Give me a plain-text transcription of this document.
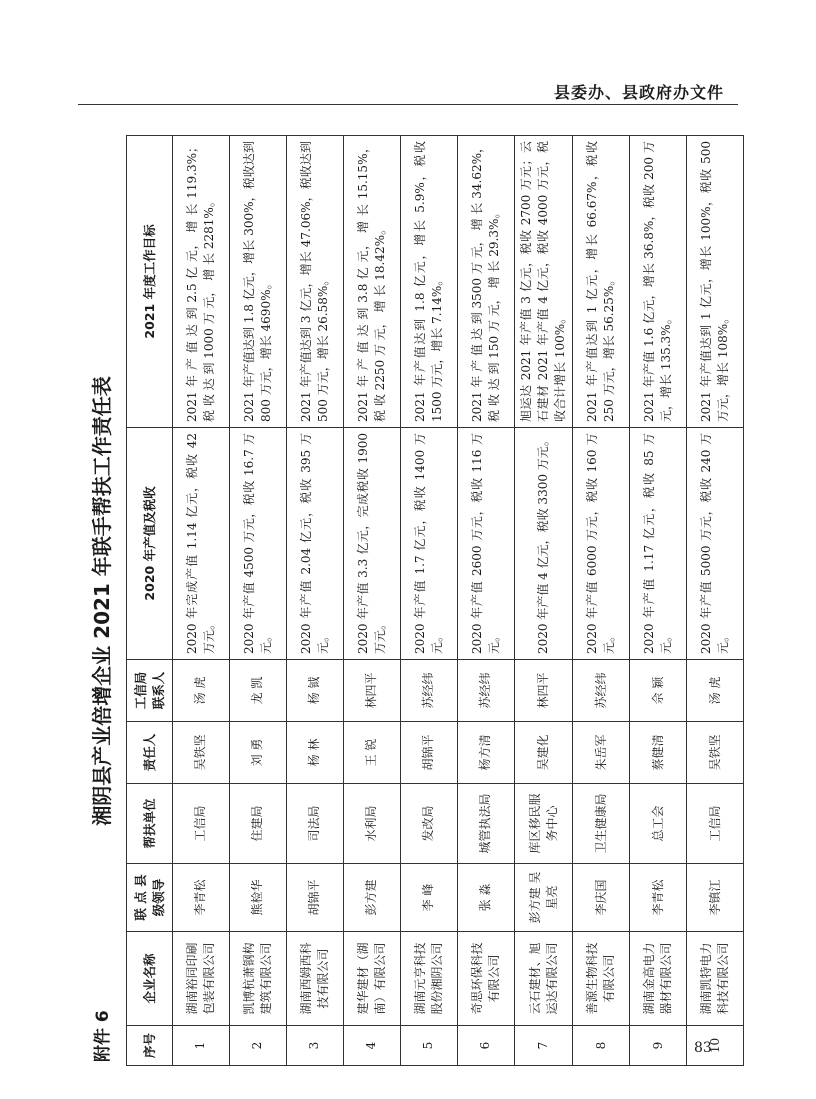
县委办、县政府办文件
附件 6
湘阴县产业倍增企业 2021 年联手帮扶工作责任表
序号	企业名称	联 点 县级领导	帮扶单位	责任人	工信局 联系人	2020 年产值及税收	2021 年度工作目标
1	湖南裕同印刷包装有限公司	李青松	工信局	吴铁坚	汤 虎	2020 年完成产值 1.14 亿元，税收 42 万元。	2021 年 产 值 达 到 2.5 亿 元， 增 长 119.3%； 税 收 达 到 1000 万 元， 增 长 2281%。
2	凯博杭萧钢构建筑有限公司	熊检华	住建局	刘 勇	龙 凯	2020 年产值 4500 万元，税收 16.7 万元。	2021 年产值达到 1.8 亿元，增长 300%，税收达到 800 万元，增长 4690%。
3	湖南西姆西科技有限公司	胡锦平	司法局	杨 林	杨 钺	2020 年产值 2.04 亿元，税收 395 万元。	2021 年产值达到 3 亿元，增长 47.06%，税收达到 500 万元，增长 26.58%。
4	建华建材（湖南）有限公司	彭方建	水利局	王 锐	林四平	2020 年产值 3.3 亿元，完成税收 1900 万元。	2021 年 产 值 达 到 3.8 亿 元， 增 长 15.15%， 税 收 2250 万 元， 增 长 18.42%。
5	湖南元亨科技股份湘阴公司	李 峰	发改局	胡锦平	苏经纬	2020 年产值 1.7 亿元，税收 1400 万元。	2021 年产值达到 1.8 亿元，增长 5.9%，税收 1500 万元，增长 7.14%。
6	奇思环保科技有限公司	张 淼	城管执法局	杨方清	苏经纬	2020 年产值 2600 万元，税收 116 万元。	2021 年 产 值 达 到 3500 万 元， 增 长 34.62%， 税 收 达 到 150 万 元， 增 长 29.3%。
7	云石建材、旭运达有限公司	彭方建 吴星亮	库区移民服务中心	吴建化	林四平	2020 年产值 4 亿元，税收 3300 万元。	旭运达 2021 年产值 3 亿元，税收 2700 万元；云石建材 2021 年产值 4 亿元，税收 4000 万元，税收合计增长 100%。
8	善源生物科技有限公司	李庆国	卫生健康局	朱岳军	苏经纬	2020 年产值 6000 万元，税收 160 万元。	2021 年产值达到 1 亿元，增长 66.67%，税收 250 万元，增长 56.25%。
9	湖南金高电力器材有限公司	李青松	总工会	蔡健清	佘 颖	2020 年产值 1.17 亿元，税收 85 万元。	2021 年产值 1.6 亿元，增长 36.8%，税收 200 万元，增长 135.3%。
10	湖南凯特电力科技有限公司	李镇江	工信局	吴铁坚	汤 虎	2020 年产值 5000 万元，税收 240 万元。	2021 年产值达到 1 亿元，增长 100%，税收 500 万元，增长 108%。
83
